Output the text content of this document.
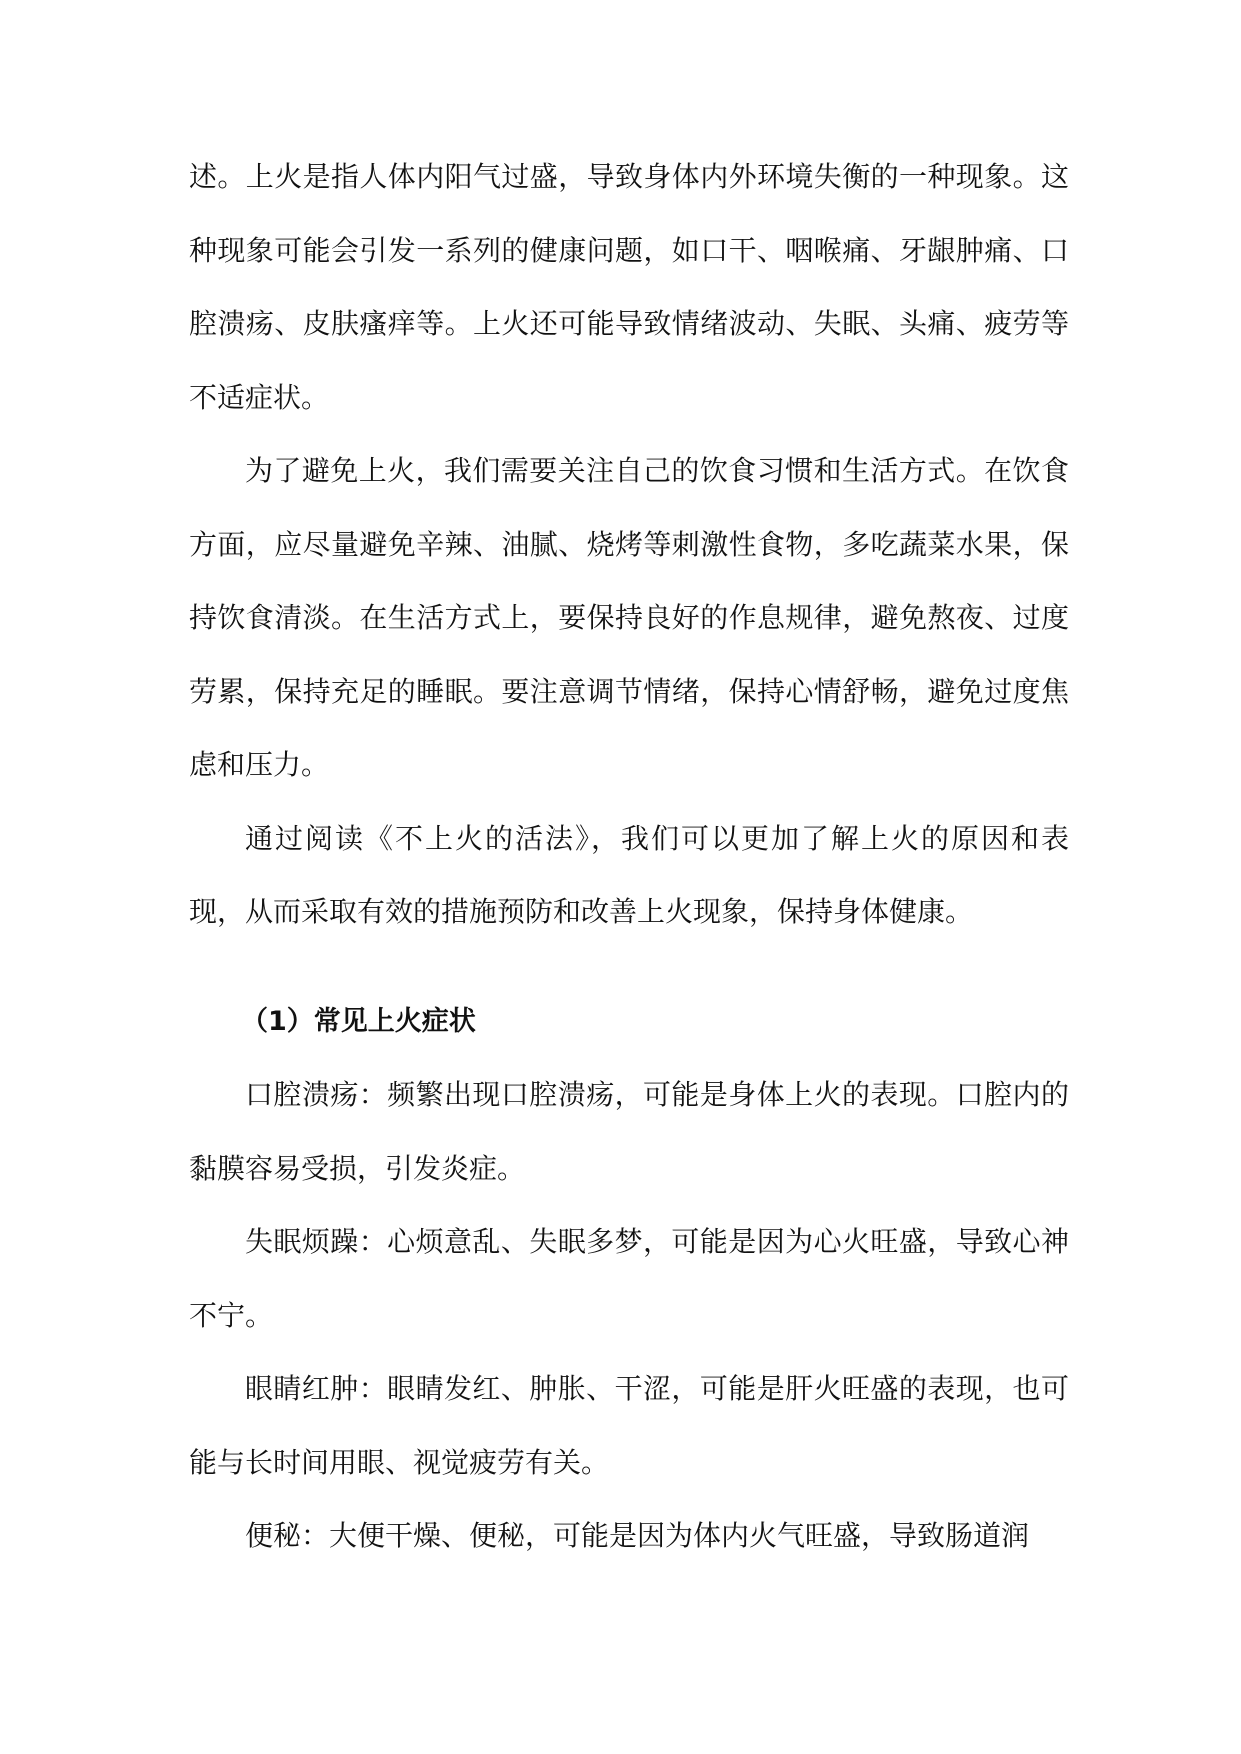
述。上火是指人体内阳气过盛，导致身体内外环境失衡的一种现象。这种现象可能会引发一系列的健康问题，如口干、咽喉痛、牙龈肿痛、口腔溃疡、皮肤瘙痒等。上火还可能导致情绪波动、失眠、头痛、疲劳等不适症状。

为了避免上火，我们需要关注自己的饮食习惯和生活方式。在饮食方面，应尽量避免辛辣、油腻、烧烤等刺激性食物，多吃蔬菜水果，保持饮食清淡。在生活方式上，要保持良好的作息规律，避免熬夜、过度劳累，保持充足的睡眠。要注意调节情绪，保持心情舒畅，避免过度焦虑和压力。

通过阅读《不上火的活法》，我们可以更加了解上火的原因和表现，从而采取有效的措施预防和改善上火现象，保持身体健康。

（1）常见上火症状

口腔溃疡：频繁出现口腔溃疡，可能是身体上火的表现。口腔内的黏膜容易受损，引发炎症。

失眠烦躁：心烦意乱、失眠多梦，可能是因为心火旺盛，导致心神不宁。

眼睛红肿：眼睛发红、肿胀、干涩，可能是肝火旺盛的表现，也可能与长时间用眼、视觉疲劳有关。

便秘：大便干燥、便秘，可能是因为体内火气旺盛，导致肠道润
